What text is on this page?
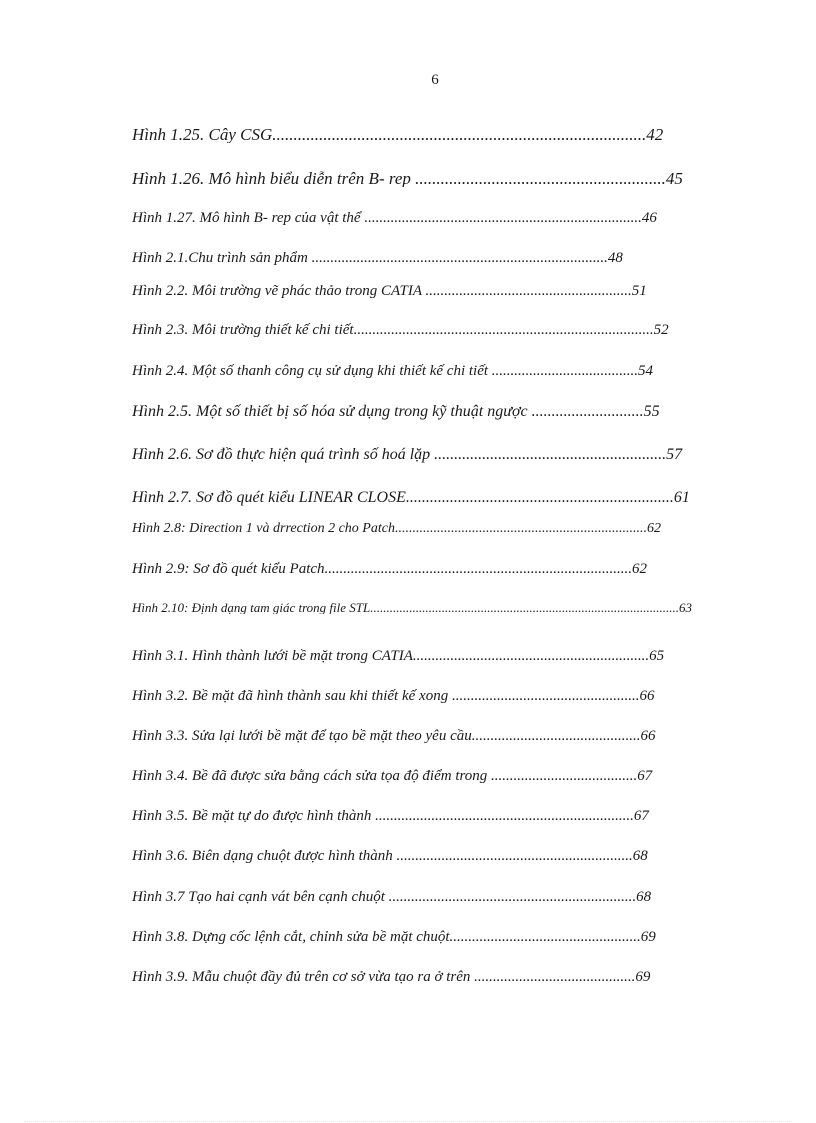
6
Hình 1.25. Cây CSG........................................................................................42
Hình 1.26. Mô hình biểu diễn trên B- rep ...........................................................45
Hình 1.27. Mô hình B- rep của vật thể ..........................................................................46
Hình 2.1.Chu trình sản phẩm ...............................................................................48
Hình 2.2. Môi trường vẽ phác thảo trong CATIA .......................................................51
Hình 2.3. Môi trường thiết kế chi tiết................................................................................52
Hình 2.4. Một số thanh công cụ sử dụng khi thiết kế chi tiết .......................................54
Hình 2.5. Một số thiết bị số hóa sử dụng trong kỹ thuật ngược ............................55
Hình 2.6. Sơ đồ thực hiện quá trình số hoá lặp ..........................................................57
Hình 2.7. Sơ đồ quét kiểu LINEAR CLOSE...................................................................61
Hình 2.8: Direction 1 và drrection 2 cho Patch........................................................................62
Hình 2.9: Sơ đồ quét kiểu Patch..................................................................................62
Hình 2.10: Định dạng tam giác trong file STL...............................................................................................63
Hình 3.1. Hình thành lưới bề mặt trong CATIA...............................................................65
Hình 3.2. Bề mặt đã hình thành sau khi thiết kế xong ..................................................66
Hình 3.3. Sửa lại lưới bề mặt để tạo bề mặt theo yêu cầu.............................................66
Hình 3.4. Bề đã được sửa bằng cách sửa tọa độ điểm trong .......................................67
Hình 3.5. Bề mặt tự do được hình thành .....................................................................67
Hình 3.6. Biên dạng chuột được hình thành ...............................................................68
Hình 3.7 Tạo hai cạnh vát bên cạnh chuột ..................................................................68
Hình 3.8. Dựng cốc lệnh cắt, chỉnh sửa bề mặt chuột...................................................69
Hình 3.9. Mẫu chuột đầy đủ trên cơ sở vừa tạo ra ở trên ...........................................69
